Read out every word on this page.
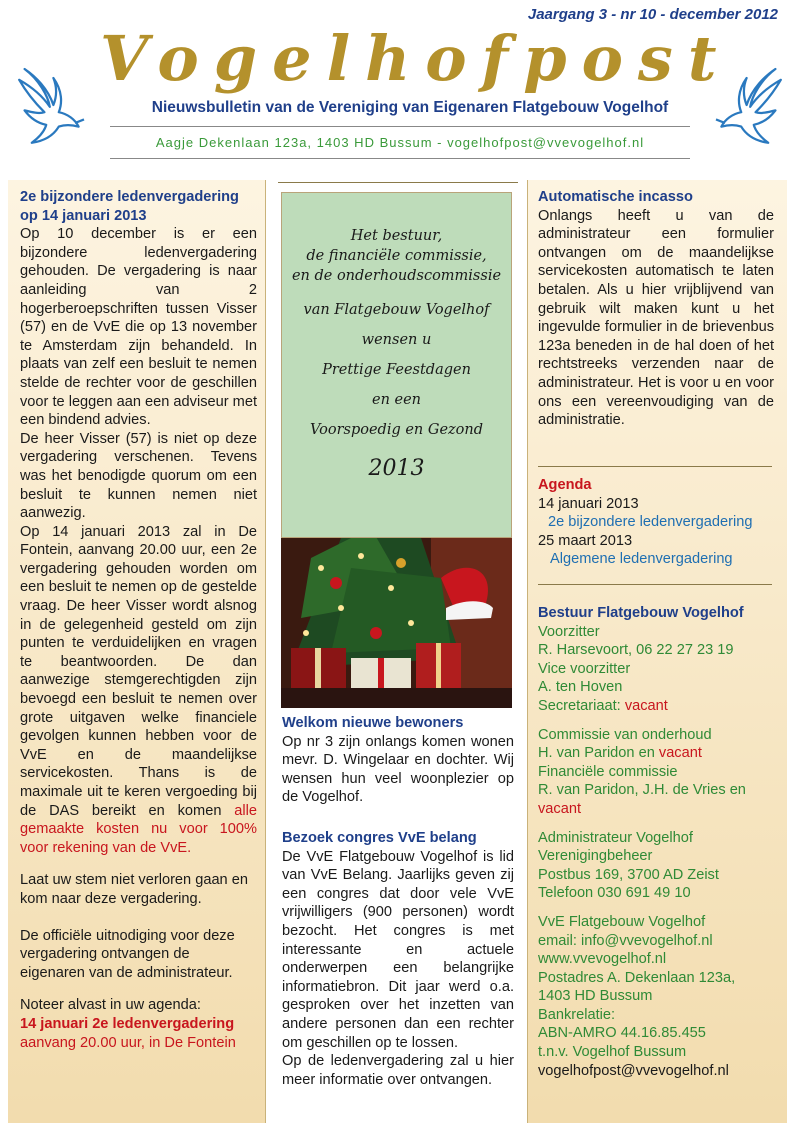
Jaargang 3 - nr 10 - december 2012
Vogelhofpost
Nieuwsbulletin van de Vereniging van Eigenaren Flatgebouw Vogelhof
Aagje Dekenlaan 123a, 1403 HD Bussum - vogelhofpost@vvevogelhof.nl

2e bijzondere ledenvergadering op 14 januari 2013

Op 10 december is er een bijzondere ledenvergadering gehouden. De vergadering is naar aanleiding van 2 hogerberoepschriften tussen Visser (57) en de VvE die op 13 november te Amsterdam zijn behandeld. In plaats van zelf een besluit te nemen stelde de rechter voor de geschillen voor te leggen aan een adviseur met een bindend advies.

De heer Visser (57) is niet op deze vergadering verschenen. Tevens was het benodigde quorum om een besluit te kunnen nemen niet aanwezig.

Op 14 januari 2013 zal in De Fontein, aanvang 20.00 uur, een 2e vergadering gehouden worden om een besluit te nemen op de gestelde vraag. De heer Visser wordt alsnog in de gelegenheid gesteld om zijn punten te verduidelijken en vragen te beantwoorden. De dan aanwezige stemgerechtigden zijn bevoegd een besluit te nemen over grote uitgaven welke financiele gevolgen kunnen hebben voor de VvE en de maandelijkse servicekosten. Thans is de maximale uit te keren vergoeding bij de DAS bereikt en komen alle gemaakte kosten nu voor 100% voor rekening van de VvE.

Laat uw stem niet verloren gaan en kom naar deze vergadering.

De officiële uitnodiging voor deze vergadering ontvangen de eigenaren van de administrateur.

Noteer alvast in uw agenda:

14 januari 2e ledenvergadering

aanvang 20.00 uur, in De Fontein

Het bestuur,
de financiële commissie,
en de onderhoudscommissie
van Flatgebouw Vogelhof
wensen u
Prettige Feestdagen
en een
Voorspoedig en Gezond
2013

Welkom nieuwe bewoners

Op nr 3 zijn onlangs komen wonen mevr. D. Wingelaar en dochter. Wij wensen hun veel woonplezier op de Vogelhof.

Bezoek congres VvE belang

De VvE Flatgebouw Vogelhof is lid van VvE Belang. Jaarlijks geven zij een congres dat door vele VvE vrijwilligers (900 personen) wordt bezocht. Het congres is met interessante en actuele onderwerpen een belangrijke informatiebron. Dit jaar werd o.a. gesproken over het inzetten van andere personen dan een rechter om geschillen op te lossen.

Op de ledenvergadering zal u hier meer informatie over ontvangen.

Automatische incasso

Onlangs heeft u van de administrateur een formulier ontvangen om de maandelijkse servicekosten automatisch te laten betalen. Als u hier vrijblijvend van gebruik wilt maken kunt u het ingevulde formulier in de brievenbus 123a beneden in de hal doen of het rechtstreeks verzenden naar de administrateur. Het is voor u en voor ons een vereenvoudiging van de administratie.

Agenda

14 januari 2013

2e bijzondere ledenvergadering

25 maart 2013

Algemene ledenvergadering

Bestuur Flatgebouw Vogelhof

Voorzitter

R. Harsevoort, 06 22 27 23 19

Vice voorzitter

A. ten Hoven

Secretariaat: vacant

Commissie van onderhoud

H. van Paridon en vacant

Financiële commissie

R. van Paridon, J.H. de Vries en

vacant

Administrateur Vogelhof

Verenigingbeheer

Postbus 169, 3700 AD Zeist

Telefoon 030 691 49 10

VvE Flatgebouw Vogelhof

email: info@vvevogelhof.nl

www.vvevogelhof.nl

Postadres A. Dekenlaan 123a,

1403 HD Bussum

Bankrelatie:

ABN-AMRO 44.16.85.455

t.n.v. Vogelhof Bussum

vogelhofpost@vvevogelhof.nl
